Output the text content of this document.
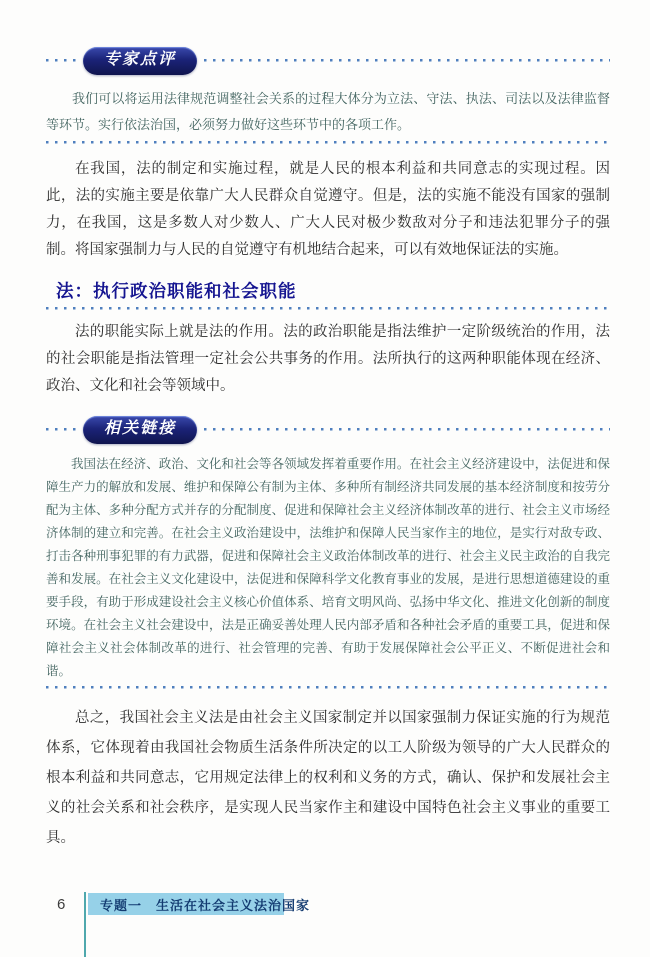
专家点评

我们可以将运用法律规范调整社会关系的过程大体分为立法、守法、执法、司法以及法律监督等环节。实行依法治国，必须努力做好这些环节中的各项工作。

在我国，法的制定和实施过程，就是人民的根本利益和共同意志的实现过程。因此，法的实施主要是依靠广大人民群众自觉遵守。但是，法的实施不能没有国家的强制力，在我国，这是多数人对少数人、广大人民对极少数敌对分子和违法犯罪分子的强制。将国家强制力与人民的自觉遵守有机地结合起来，可以有效地保证法的实施。

法：执行政治职能和社会职能

法的职能实际上就是法的作用。法的政治职能是指法维护一定阶级统治的作用，法的社会职能是指法管理一定社会公共事务的作用。法所执行的这两种职能体现在经济、政治、文化和社会等领域中。

相关链接

我国法在经济、政治、文化和社会等各领域发挥着重要作用。在社会主义经济建设中，法促进和保障生产力的解放和发展、维护和保障公有制为主体、多种所有制经济共同发展的基本经济制度和按劳分配为主体、多种分配方式并存的分配制度、促进和保障社会主义经济体制改革的进行、社会主义市场经济体制的建立和完善。在社会主义政治建设中，法维护和保障人民当家作主的地位，是实行对敌专政、打击各种刑事犯罪的有力武器，促进和保障社会主义政治体制改革的进行、社会主义民主政治的自我完善和发展。在社会主义文化建设中，法促进和保障科学文化教育事业的发展，是进行思想道德建设的重要手段，有助于形成建设社会主义核心价值体系、培育文明风尚、弘扬中华文化、推进文化创新的制度环境。在社会主义社会建设中，法是正确妥善处理人民内部矛盾和各种社会矛盾的重要工具，促进和保障社会主义社会体制改革的进行、社会管理的完善、有助于发展保障社会公平正义、不断促进社会和谐。

总之，我国社会主义法是由社会主义国家制定并以国家强制力保证实施的行为规范体系，它体现着由我国社会物质生活条件所决定的以工人阶级为领导的广大人民群众的根本利益和共同意志，它用规定法律上的权利和义务的方式，确认、保护和发展社会主义的社会关系和社会秩序，是实现人民当家作主和建设中国特色社会主义事业的重要工具。

6	专题一　生活在社会主义法治国家
